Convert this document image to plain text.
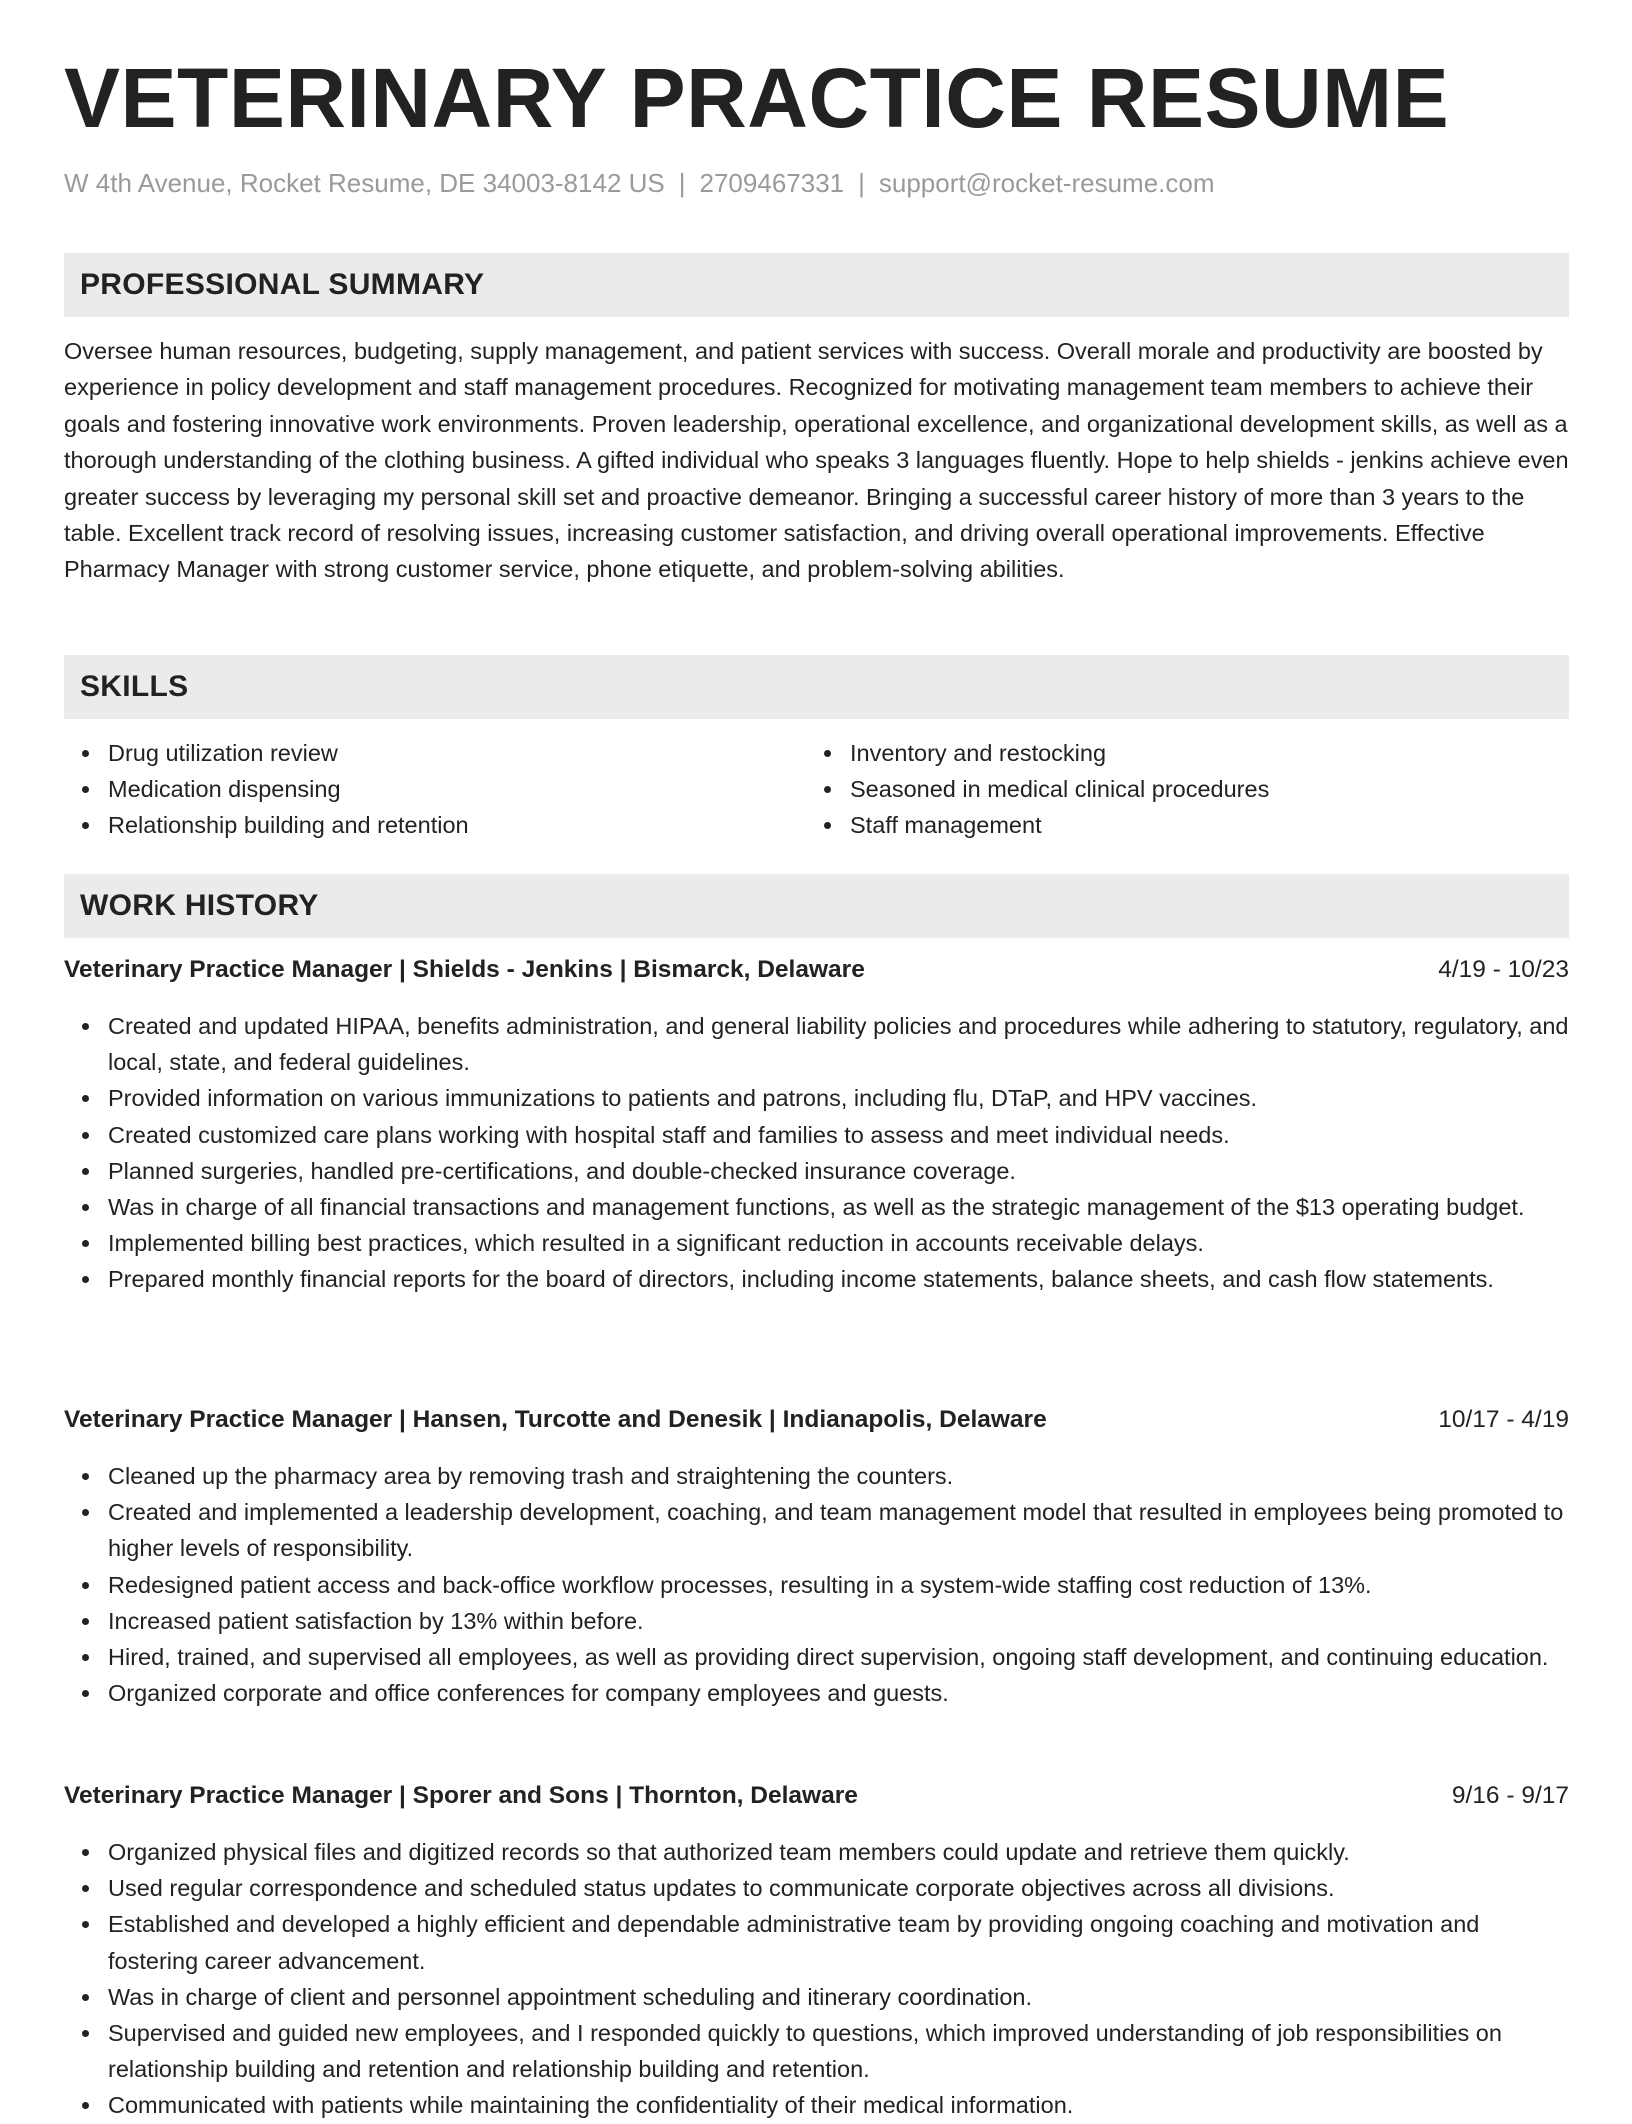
VETERINARY PRACTICE RESUME
W 4th Avenue, Rocket Resume, DE 34003-8142 US | 2709467331 | support@rocket-resume.com
PROFESSIONAL SUMMARY

Oversee human resources, budgeting, supply management, and patient services with success. Overall morale and productivity are boosted by experience in policy development and staff management procedures. Recognized for motivating management team members to achieve their goals and fostering innovative work environments. Proven leadership, operational excellence, and organizational development skills, as well as a thorough understanding of the clothing business. A gifted individual who speaks 3 languages fluently. Hope to help shields - jenkins achieve even greater success by leveraging my personal skill set and proactive demeanor. Bringing a successful career history of more than 3 years to the table. Excellent track record of resolving issues, increasing customer satisfaction, and driving overall operational improvements. Effective Pharmacy Manager with strong customer service, phone etiquette, and problem-solving abilities.

SKILLS
Drug utilization review
Medication dispensing
Relationship building and retention
Inventory and restocking
Seasoned in medical clinical procedures
Staff management
WORK HISTORY
Veterinary Practice Manager | Shields - Jenkins | Bismarck, Delaware	4/19 - 10/23
Created and updated HIPAA, benefits administration, and general liability policies and procedures while adhering to statutory, regulatory, and local, state, and federal guidelines.
Provided information on various immunizations to patients and patrons, including flu, DTaP, and HPV vaccines.
Created customized care plans working with hospital staff and families to assess and meet individual needs.
Planned surgeries, handled pre-certifications, and double-checked insurance coverage.
Was in charge of all financial transactions and management functions, as well as the strategic management of the $13 operating budget.
Implemented billing best practices, which resulted in a significant reduction in accounts receivable delays.
Prepared monthly financial reports for the board of directors, including income statements, balance sheets, and cash flow statements.
Veterinary Practice Manager | Hansen, Turcotte and Denesik | Indianapolis, Delaware	10/17 - 4/19
Cleaned up the pharmacy area by removing trash and straightening the counters.
Created and implemented a leadership development, coaching, and team management model that resulted in employees being promoted to higher levels of responsibility.
Redesigned patient access and back-office workflow processes, resulting in a system-wide staffing cost reduction of 13%.
Increased patient satisfaction by 13% within before.
Hired, trained, and supervised all employees, as well as providing direct supervision, ongoing staff development, and continuing education.
Organized corporate and office conferences for company employees and guests.
Veterinary Practice Manager | Sporer and Sons | Thornton, Delaware	9/16 - 9/17
Organized physical files and digitized records so that authorized team members could update and retrieve them quickly.
Used regular correspondence and scheduled status updates to communicate corporate objectives across all divisions.
Established and developed a highly efficient and dependable administrative team by providing ongoing coaching and motivation and fostering career advancement.
Was in charge of client and personnel appointment scheduling and itinerary coordination.
Supervised and guided new employees, and I responded quickly to questions, which improved understanding of job responsibilities on relationship building and retention and relationship building and retention.
Communicated with patients while maintaining the confidentiality of their medical information.
